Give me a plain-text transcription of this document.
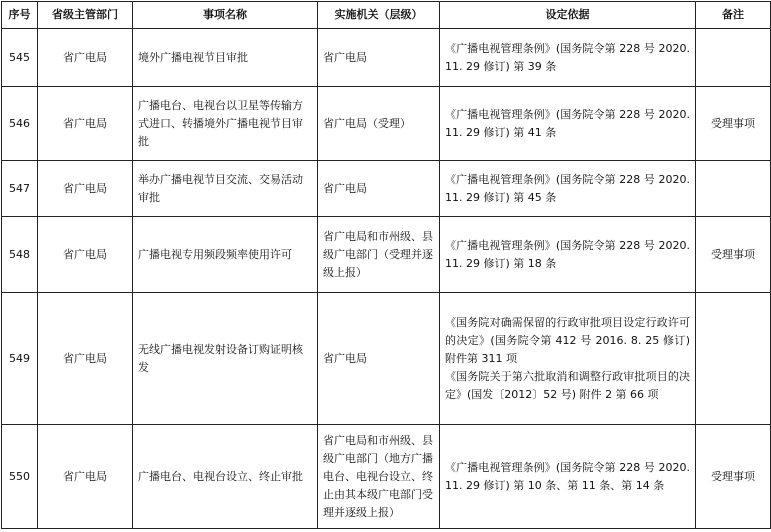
序号	省级主管部门	事项名称	实施机关（层级）	设定依据	备注
545	省广电局	境外广播电视节目审批	省广电局	《广播电视管理条例》(国务院令第 228 号 2020. 11. 29 修订) 第 39 条	

546	省广电局	广播电台、电视台以卫星等传输方式进口、转播境外广播电视节目审批	省广电局（受理）	《广播电视管理条例》(国务院令第 228 号 2020. 11. 29 修订) 第 41 条	受理事项
547	省广电局	举办广播电视节目交流、交易活动审批	省广电局	《广播电视管理条例》(国务院令第 228 号 2020. 11. 29 修订) 第 45 条	

548	省广电局	广播电视专用频段频率使用许可	省广电局和市州级、县级广电部门（受理并逐级上报）	《广播电视管理条例》(国务院令第 228 号 2020. 11. 29 修订) 第 18 条	受理事项
549	省广电局	无线广播电视发射设备订购证明核发	省广电局	《国务院对确需保留的行政审批项目设定行政许可的决定》(国务院令第 412 号 2016. 8. 25 修订) 附件第 311 项
《国务院关于第六批取消和调整行政审批项目的决定》(国发〔2012〕52 号) 附件 2 第 66 项	

550	省广电局	广播电台、电视台设立、终止审批	省广电局和市州级、县级广电部门（地方广播电台、电视台设立、终止由其本级广电部门受理并逐级上报）	《广播电视管理条例》(国务院令第 228 号 2020. 11. 29 修订) 第 10 条、第 11 条、第 14 条	受理事项
